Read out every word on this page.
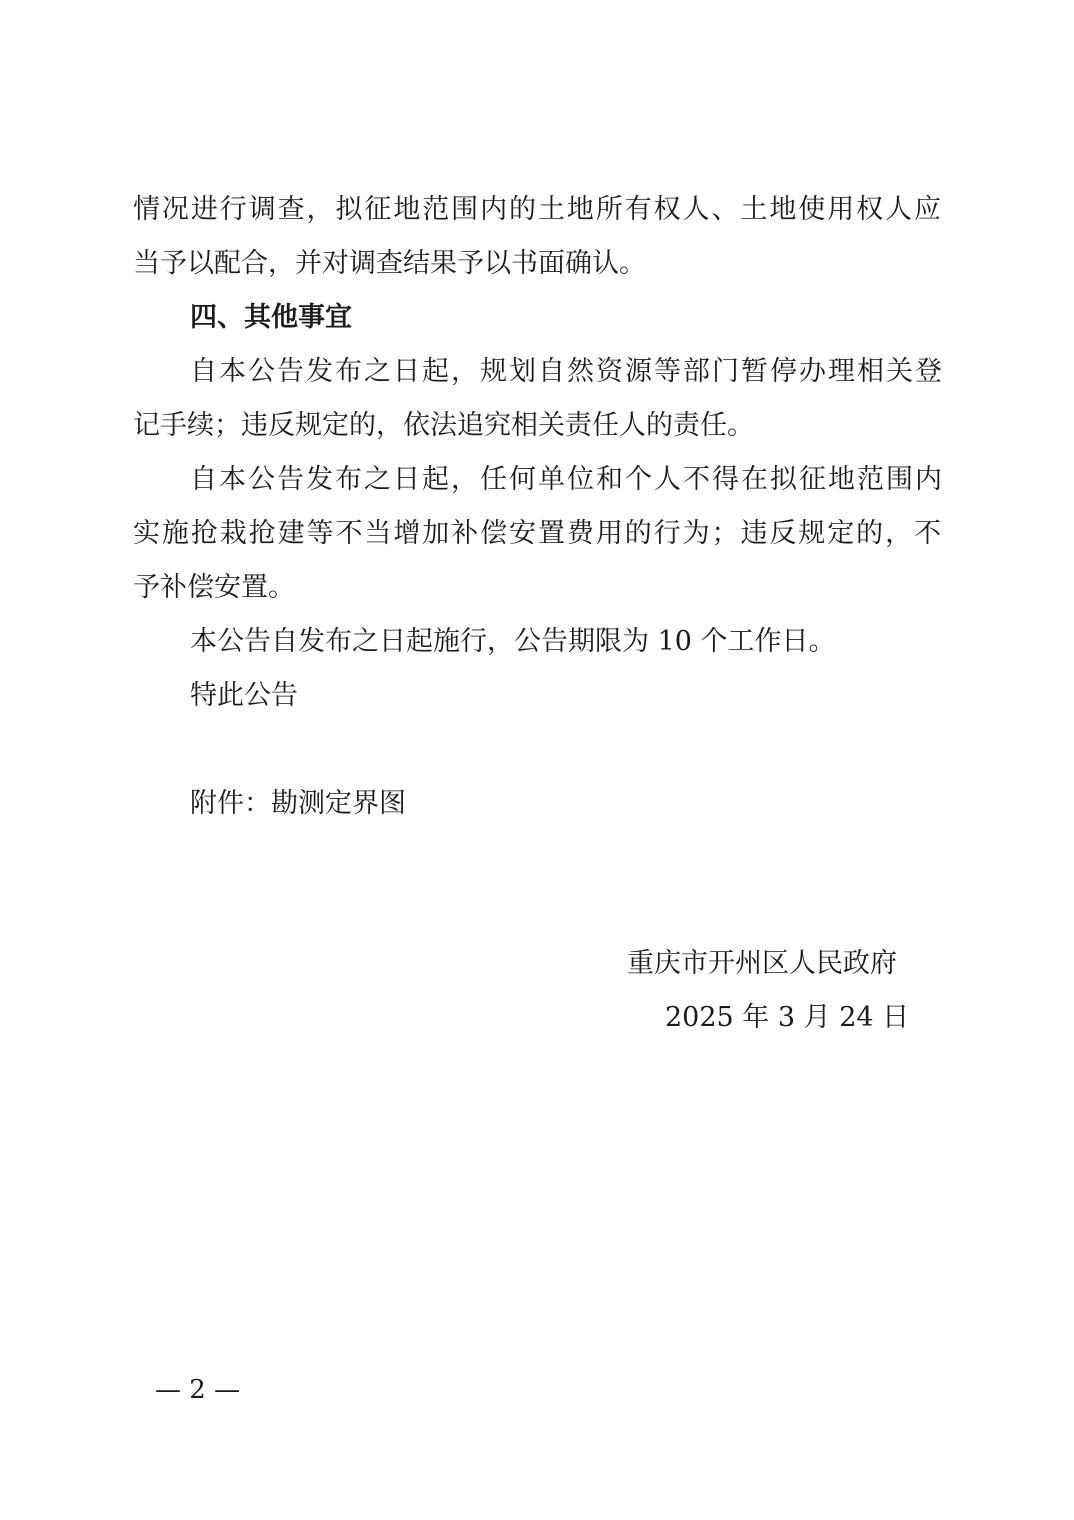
情况进行调查，拟征地范围内的土地所有权人、土地使用权人应
当予以配合，并对调查结果予以书面确认。
四、其他事宜
自本公告发布之日起，规划自然资源等部门暂停办理相关登
记手续；违反规定的，依法追究相关责任人的责任。
自本公告发布之日起，任何单位和个人不得在拟征地范围内
实施抢栽抢建等不当增加补偿安置费用的行为；违反规定的，不
予补偿安置。
本公告自发布之日起施行，公告期限为 10 个工作日。
特此公告
附件：勘测定界图
重庆市开州区人民政府
2025 年 3 月 24 日
— 2 —
